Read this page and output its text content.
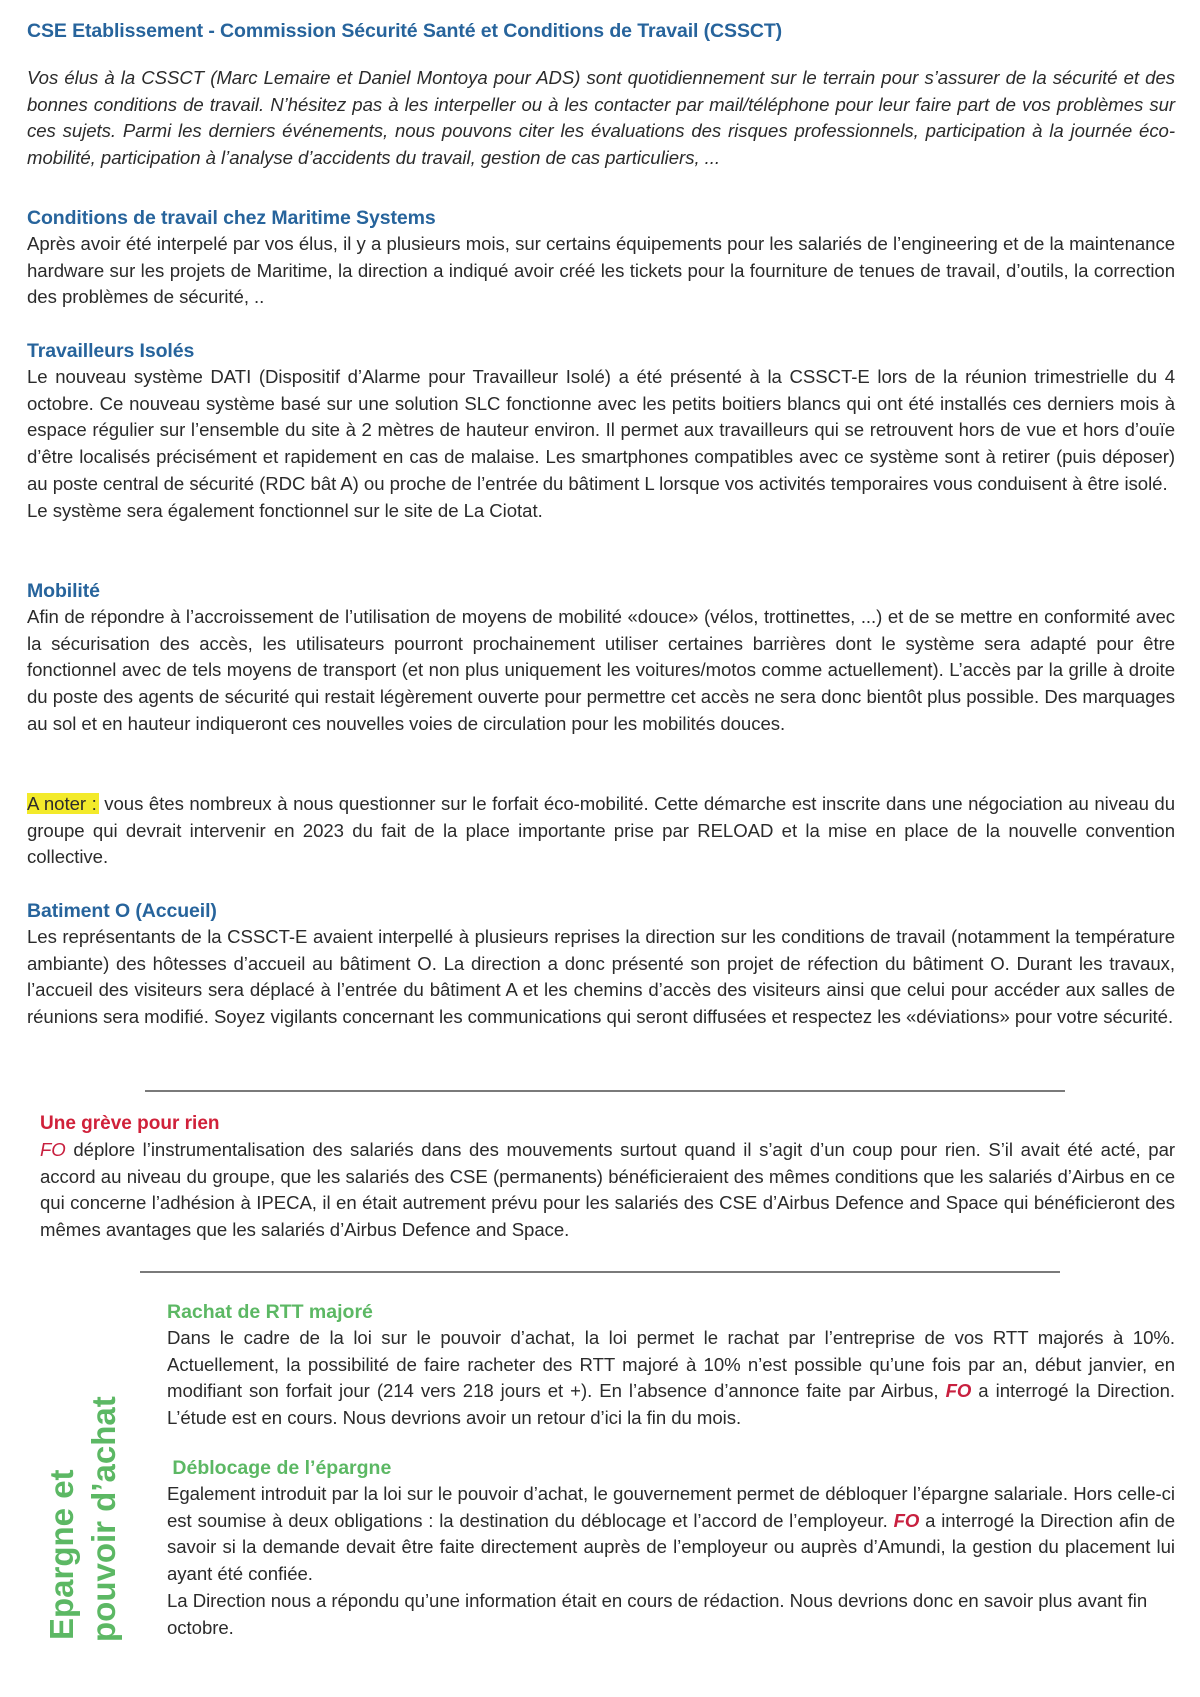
CSE Etablissement - Commission Sécurité Santé et Conditions de Travail (CSSCT)

Vos élus à la CSSCT (Marc Lemaire et Daniel Montoya pour ADS) sont quotidiennement sur le terrain pour s’assurer de la sécurité et des bonnes conditions de travail. N’hésitez pas à les interpeller ou à les contacter par mail/téléphone pour leur faire part de vos problèmes sur ces sujets. Parmi les derniers événements, nous pouvons citer les évaluations des risques professionnels, participation à la journée éco-mobilité, participation à l’analyse d’accidents du travail, gestion de cas particuliers, ...

Conditions de travail chez Maritime Systems

Après avoir été interpelé par vos élus, il y a plusieurs mois, sur certains équipements pour les salariés de l’engineering et de la maintenance hardware sur les projets de Maritime, la direction a indiqué avoir créé les tickets pour la fourniture de tenues de travail, d’outils, la correction des problèmes de sécurité, ..

Travailleurs Isolés

Le nouveau système DATI (Dispositif d’Alarme pour Travailleur Isolé) a été présenté à la CSSCT-E lors de la réunion trimestrielle du 4 octobre. Ce nouveau système basé sur une solution SLC fonctionne avec les petits boitiers blancs qui ont été installés ces derniers mois à espace régulier sur l’ensemble du site à 2 mètres de hauteur environ. Il permet aux travailleurs qui se retrouvent hors de vue et hors d’ouïe d’être localisés précisément et rapidement en cas de malaise. Les smartphones compatibles avec ce système sont à retirer (puis déposer) au poste central de sécurité (RDC bât A) ou proche de l’entrée du bâtiment L lorsque vos activités temporaires vous conduisent à être isolé.

Le système sera également fonctionnel sur le site de La Ciotat.

Mobilité

Afin de répondre à l’accroissement de l’utilisation de moyens de mobilité «douce» (vélos, trottinettes, ...) et de se mettre en conformité avec la sécurisation des accès, les utilisateurs pourront prochainement utiliser certaines barrières dont le système sera adapté pour être fonctionnel avec de tels moyens de transport (et non plus uniquement les voitures/motos comme actuellement). L’accès par la grille à droite du poste des agents de sécurité qui restait légèrement ouverte pour permettre cet accès ne sera donc bientôt plus possible. Des marquages au sol et en hauteur indiqueront ces nouvelles voies de circulation pour les mobilités douces.

A noter : vous êtes nombreux à nous questionner sur le forfait éco-mobilité. Cette démarche est inscrite dans une négociation au niveau du groupe qui devrait intervenir en 2023 du fait de la place importante prise par RELOAD et la mise en place de la nouvelle convention collective.

Batiment O (Accueil)

Les représentants de la CSSCT-E avaient interpellé à plusieurs reprises la direction sur les conditions de travail (notamment la température ambiante) des hôtesses d’accueil au bâtiment O. La direction a donc présenté son projet de réfection du bâtiment O. Durant les travaux, l’accueil des visiteurs sera déplacé à l’entrée du bâtiment A et les chemins d’accès des visiteurs ainsi que celui pour accéder aux salles de réunions sera modifié. Soyez vigilants concernant les communications qui seront diffusées et respectez les «déviations» pour votre sécurité.

Une grève pour rien

FO déplore l’instrumentalisation des salariés dans des mouvements surtout quand il s’agit d’un coup pour rien. S’il avait été acté, par accord au niveau du groupe, que les salariés des CSE (permanents) bénéficieraient des mêmes conditions que les salariés d’Airbus en ce qui concerne l’adhésion à IPECA, il en était autrement prévu pour les salariés des CSE d’Airbus Defence and Space qui bénéficieront des mêmes avantages que les salariés d’Airbus Defence and Space.

Epargne et pouvoir d’achat
Rachat de RTT majoré

Dans le cadre de la loi sur le pouvoir d’achat, la loi permet le rachat par l’entreprise de vos RTT majorés à 10%. Actuellement, la possibilité de faire racheter des RTT majoré à 10% n’est possible qu’une fois par an, début janvier, en modifiant son forfait jour (214 vers 218 jours et +). En l’absence d’annonce faite par Airbus, FO a interrogé la Direction. L’étude est en cours. Nous devrions avoir un retour d’ici la fin du mois.

Déblocage de l’épargne

Egalement introduit par la loi sur le pouvoir d’achat, le gouvernement permet de débloquer l’épargne salariale. Hors celle-ci est soumise à deux obligations : la destination du déblocage et l’accord de l’employeur. FO a interrogé la Direction afin de savoir si la demande devait être faite directement auprès de l’employeur ou auprès d’Amundi, la gestion du placement lui ayant été confiée.

La Direction nous a répondu qu’une information était en cours de rédaction. Nous devrions donc en savoir plus avant fin octobre.
